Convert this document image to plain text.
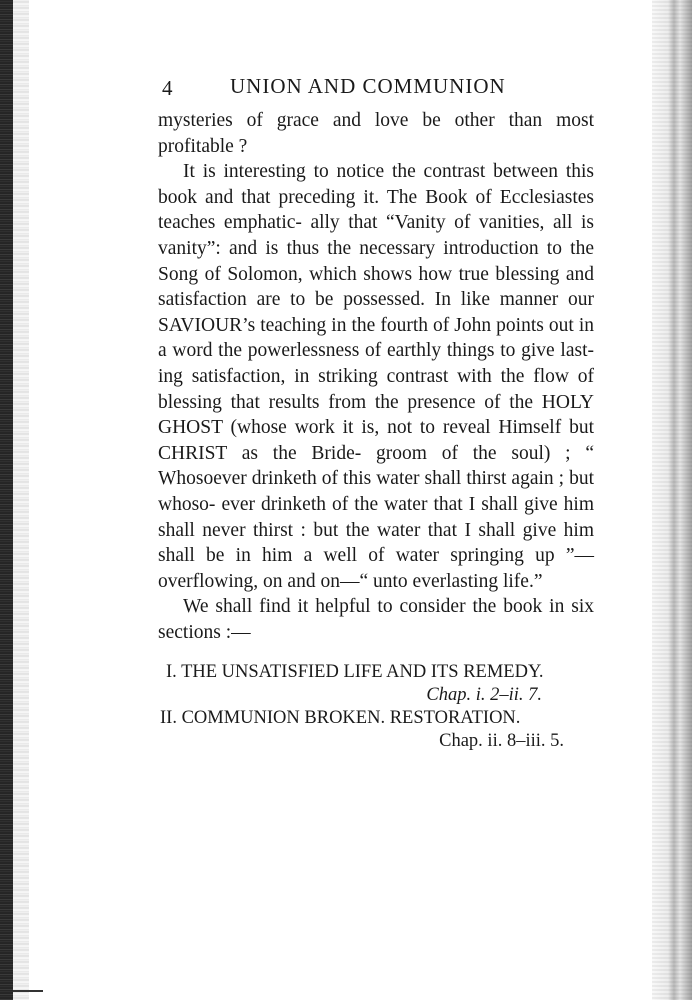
4	UNION AND COMMUNION

mysteries of grace and love be other than most profitable ?

It is interesting to notice the contrast between this book and that preceding it. The Book of Ecclesiastes teaches emphatic- ally that “Vanity of vanities, all is vanity”: and is thus the necessary introduction to the Song of Solomon, which shows how true blessing and satisfaction are to be possessed. In like manner our SAVIOUR’s teaching in the fourth of John points out in a word the powerlessness of earthly things to give last- ing satisfaction, in striking contrast with the flow of blessing that results from the presence of the HOLY GHOST (whose work it is, not to reveal Himself but CHRIST as the Bride- groom of the soul) ; “ Whosoever drinketh of this water shall thirst again ; but whoso- ever drinketh of the water that I shall give him shall never thirst : but the water that I shall give him shall be in him a well of water springing up ”—overflowing, on and on—“ unto everlasting life.”

We shall find it helpful to consider the book in six sections :—

I. THE UNSATISFIED LIFE AND ITS REMEDY.
Chap. i. 2–ii. 7.
II. COMMUNION BROKEN. RESTORATION.
Chap. ii. 8–iii. 5.
